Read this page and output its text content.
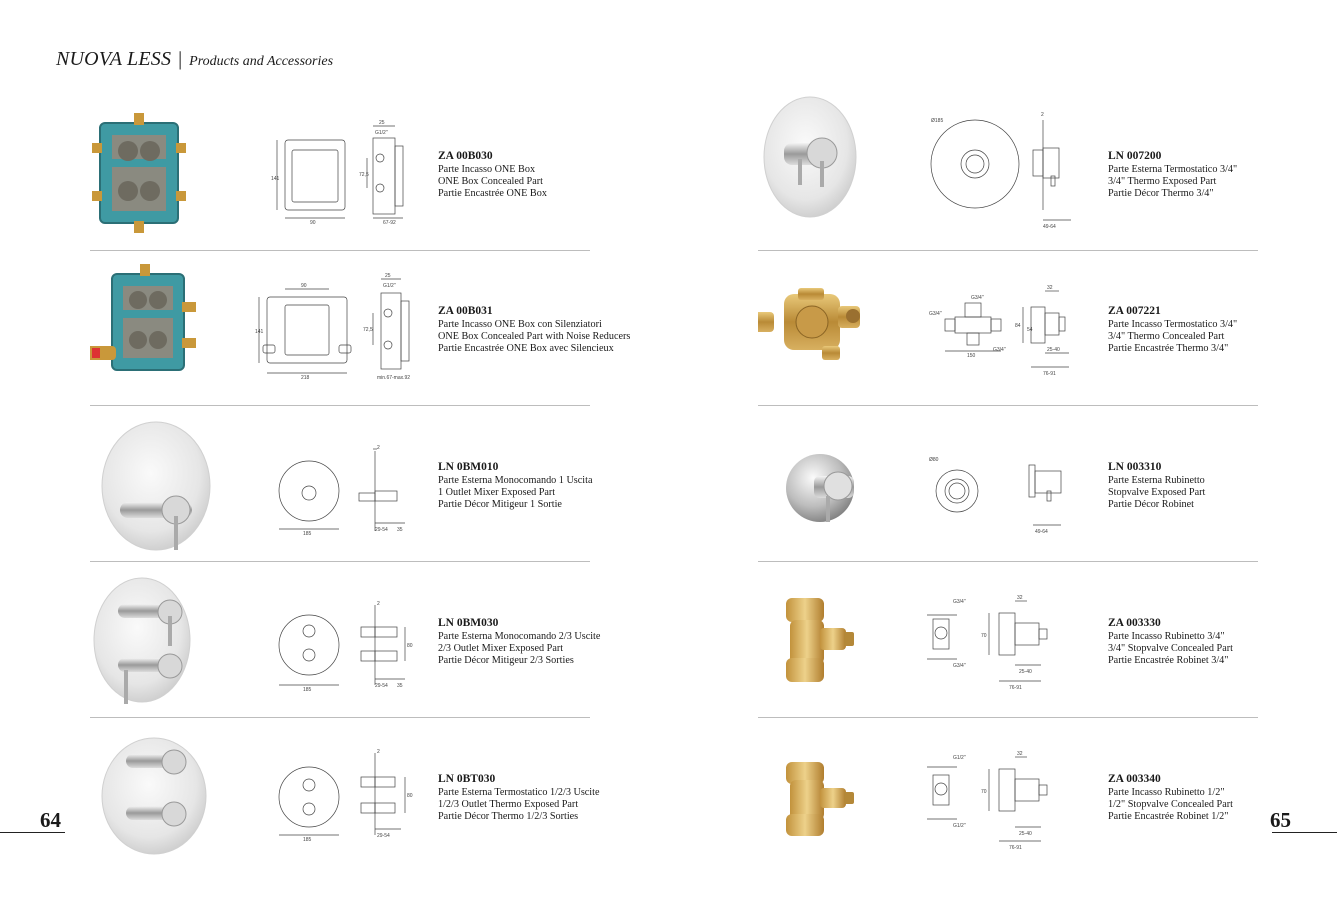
NUOVA LESS | Products and Accessories
64	65
141
90
25
G1/2"
72,5
67-92
ZA 00B030
Parte Incasso ONE Box
ONE Box Concealed Part
Partie Encastrée ONE Box
90
218
141
25
G1/2"
72,5
min.67-max.92
ZA 00B031
Parte Incasso ONE Box con Silenziatori
ONE Box Concealed Part with Noise Reducers
Partie Encastrée ONE Box avec Silencieux
185
2
29-54 35
LN 0BM010
Parte Esterna Monocomando 1 Uscita
1 Outlet Mixer Exposed Part
Partie Décor Mitigeur 1 Sortie
185
80
2
29-54 35
LN 0BM030
Parte Esterna Monocomando 2/3 Uscite
2/3 Outlet Mixer Exposed Part
Partie Décor Mitigeur 2/3 Sorties
185
80
2
29-54
LN 0BT030
Parte Esterna Termostatico 1/2/3 Uscite
1/2/3 Outlet Thermo Exposed Part
Partie Décor Thermo 1/2/3 Sorties
Ø185
2
49-64
LN 007200
Parte Esterna Termostatico 3/4"
3/4" Thermo Exposed Part
Partie Décor Thermo 3/4"
150
G3/4"
G3/4"
G3/4"
84
54
32
25-40
76-91
ZA 007221
Parte Incasso Termostatico 3/4"
3/4" Thermo Concealed Part
Partie Encastrée Thermo 3/4"
Ø80
49-64
LN 003310
Parte Esterna Rubinetto
Stopvalve Exposed Part
Partie Décor Robinet
G3/4"
G3/4"
70
32
25-40
76-91
ZA 003330
Parte Incasso Rubinetto 3/4"
3/4" Stopvalve Concealed Part
Partie Encastrée Robinet 3/4"
G1/2"
G1/2"
70
32
25-40
76-91
ZA 003340
Parte Incasso Rubinetto 1/2"
1/2" Stopvalve Concealed Part
Partie Encastrée Robinet 1/2"
